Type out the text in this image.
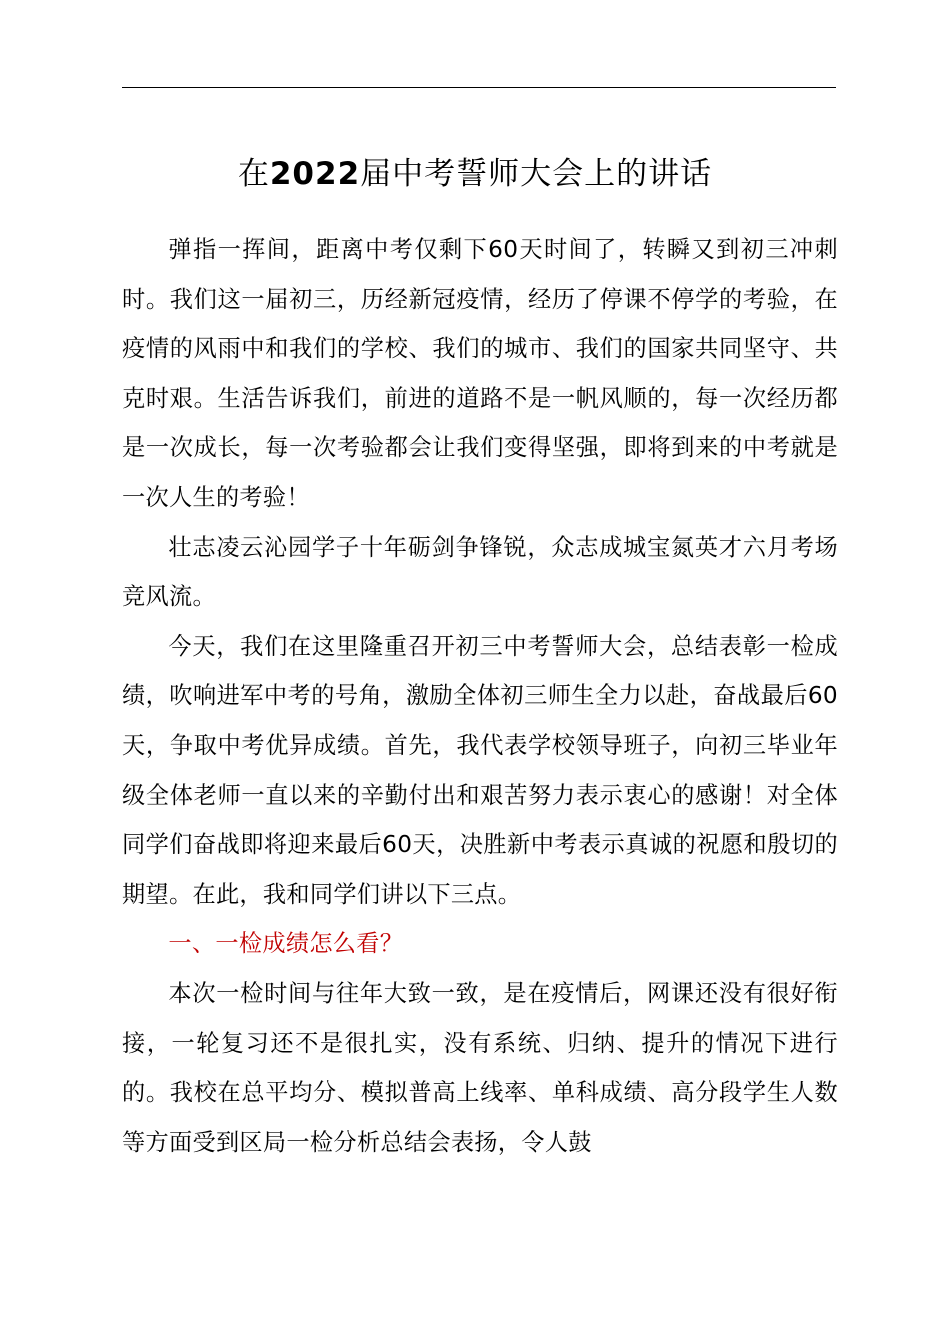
在2022届中考誓师大会上的讲话

弹指一挥间，距离中考仅剩下60天时间了，转瞬又到初三冲刺时。我们这一届初三，历经新冠疫情，经历了停课不停学的考验，在疫情的风雨中和我们的学校、我们的城市、我们的国家共同坚守、共克时艰。生活告诉我们，前进的道路不是一帆风顺的，每一次经历都是一次成长，每一次考验都会让我们变得坚强，即将到来的中考就是一次人生的考验！

壮志凌云沁园学子十年砺剑争锋锐，众志成城宝氮英才六月考场竞风流。

今天，我们在这里隆重召开初三中考誓师大会，总结表彰一检成绩，吹响进军中考的号角，激励全体初三师生全力以赴，奋战最后60天，争取中考优异成绩。首先，我代表学校领导班子，向初三毕业年级全体老师一直以来的辛勤付出和艰苦努力表示衷心的感谢！对全体同学们奋战即将迎来最后60天，决胜新中考表示真诚的祝愿和殷切的期望。在此，我和同学们讲以下三点。

一、一检成绩怎么看？

本次一检时间与往年大致一致，是在疫情后，网课还没有很好衔接，一轮复习还不是很扎实，没有系统、归纳、提升的情况下进行的。我校在总平均分、模拟普高上线率、单科成绩、高分段学生人数等方面受到区局一检分析总结会表扬，令人鼓
